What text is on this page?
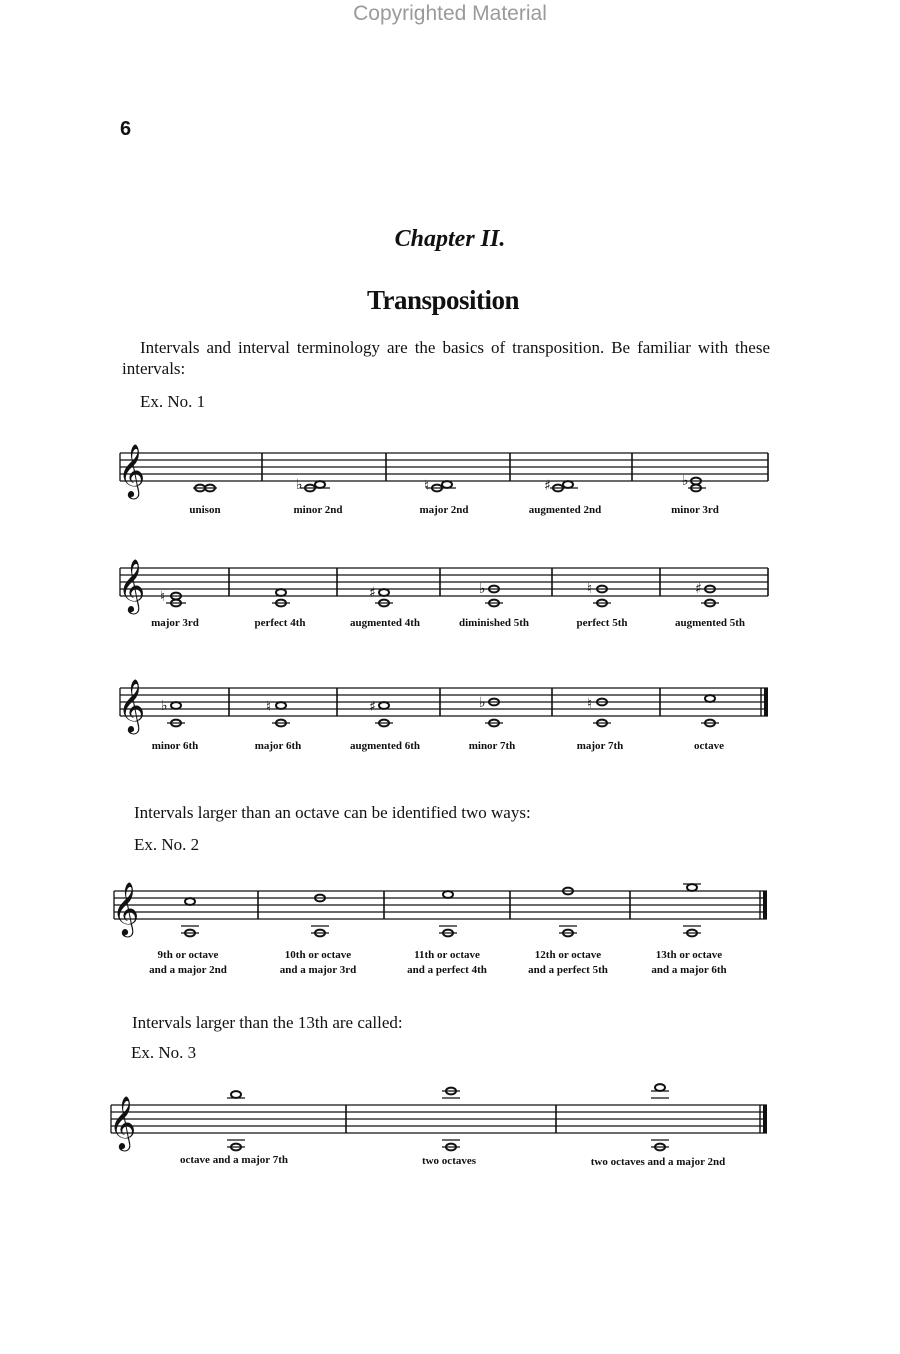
Copyrighted Material
6
Chapter II.
Transposition
Intervals and interval terminology are the basics of transposition. Be familiar with these intervals:
Ex. No. 1
𝄞	♭	♮	♯	♭
unison	minor 2nd	major 2nd	augmented 2nd	minor 3rd
𝄞 ♮	♯	♭	♮	♯
major 3rd	perfect 4th	augmented 4th	diminished 5th	perfect 5th	augmented 5th
𝄞 ♭	♮	♯	♭	♮
minor 6th	major 6th	augmented 6th	minor 7th	major 7th	octave
Intervals larger than an octave can be identified two ways:
Ex. No. 2
𝄞
9th or octave
and a major 2nd
10th or octave
and a major 3rd
11th or octave
and a perfect 4th
12th or octave
and a perfect 5th
13th or octave
and a major 6th
Intervals larger than the 13th are called:
Ex. No. 3
𝄞
octave and a major 7th	two octaves	two octaves and a major 2nd
